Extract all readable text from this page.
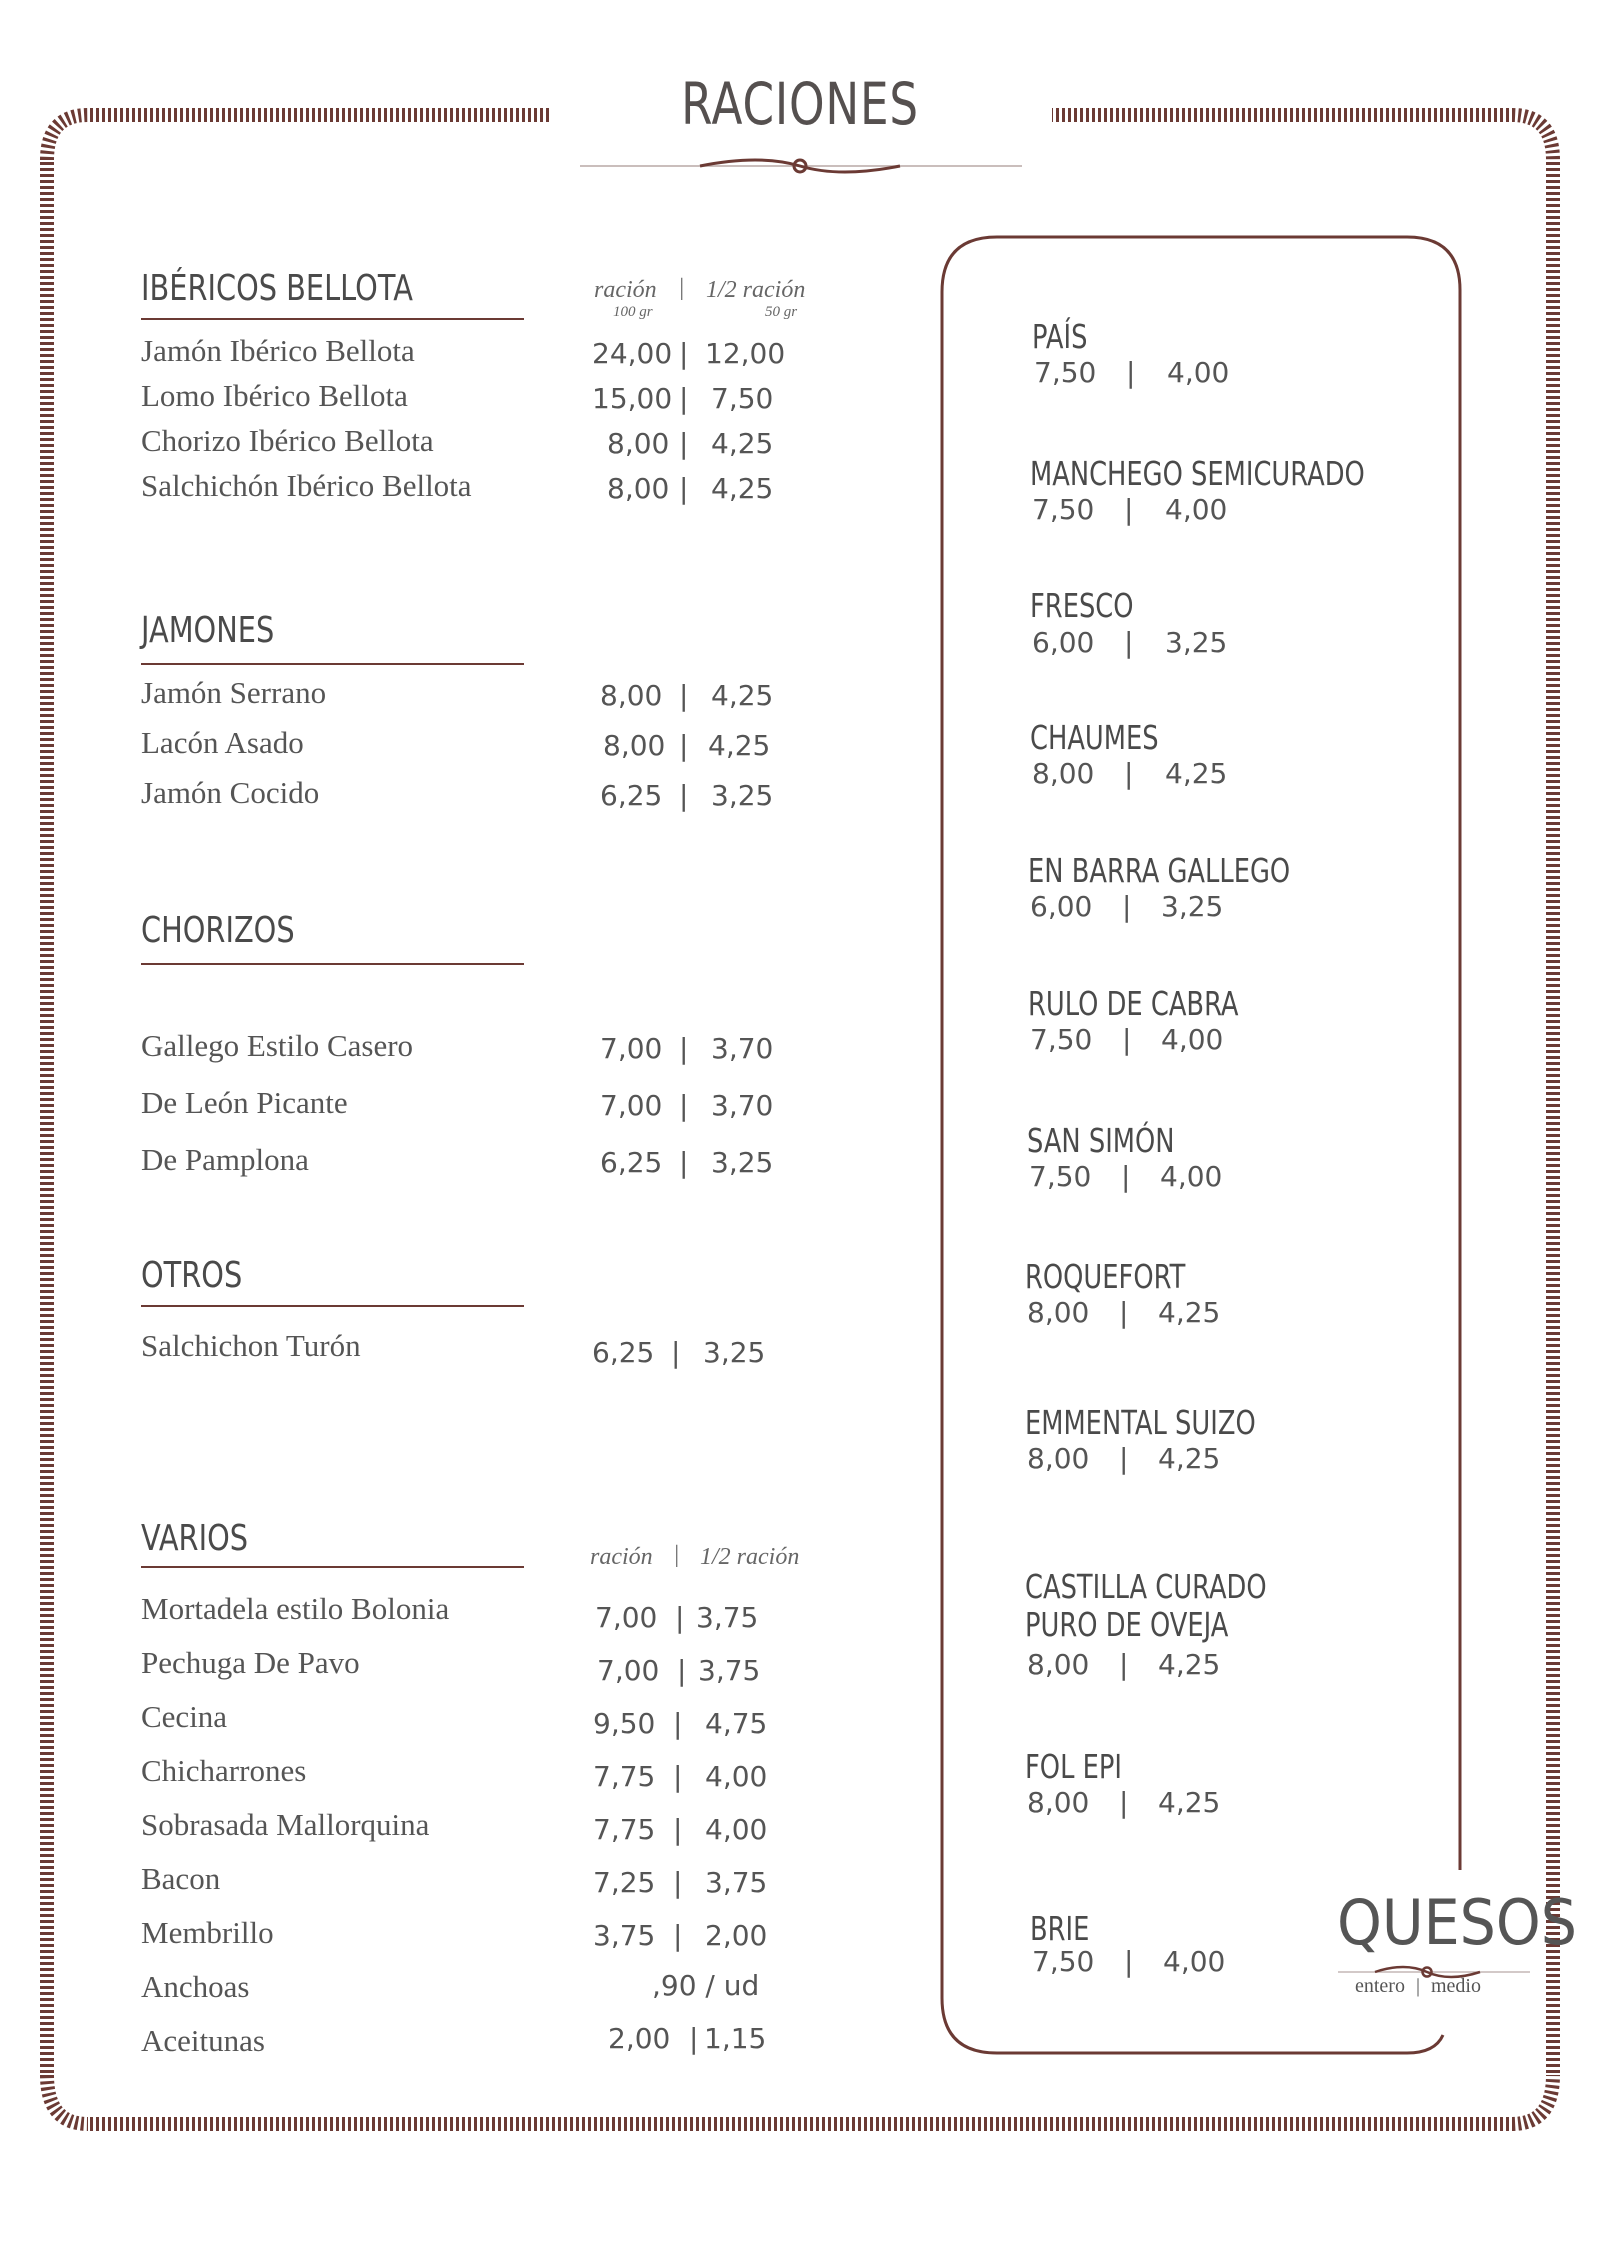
RACIONES
IBÉRICOS BELLOTA	ración | 1/2 ración
100 gr	50 gr
Jamón Ibérico Bellota	24,00 | 12,00
Lomo Ibérico Bellota	15,00 | 7,50
Chorizo Ibérico Bellota	8,00 | 4,25
Salchichón Ibérico Bellota	8,00 | 4,25
JAMONES
Jamón Serrano	8,00 | 4,25
Lacón Asado	8,00 | 4,25
Jamón Cocido	6,25 | 3,25
CHORIZOS
Gallego Estilo Casero	7,00 | 3,70
De León Picante	7,00 | 3,70
De Pamplona	6,25 | 3,25
OTROS
Salchichon Turón	6,25 | 3,25
VARIOS	ración | 1/2 ración
Mortadela estilo Bolonia	7,00 | 3,75
Pechuga De Pavo	7,00 | 3,75
Cecina	9,50 | 4,75
Chicharrones	7,75 | 4,00
Sobrasada Mallorquina	7,75 | 4,00
Bacon	7,25 | 3,75
Membrillo	3,75 | 2,00
Anchoas	,90 / ud
Aceitunas	2,00 | 1,15
PAÍS
7,50 | 4,00
MANCHEGO SEMICURADO
7,50 | 4,00
FRESCO
6,00 | 3,25
CHAUMES
8,00 | 4,25
EN BARRA GALLEGO
6,00 | 3,25
RULO DE CABRA
7,50 | 4,00
SAN SIMÓN
7,50 | 4,00
ROQUEFORT
8,00 | 4,25
EMMENTAL SUIZO
8,00 | 4,25
CASTILLA CURADO
PURO DE OVEJA
8,00 | 4,25
FOL EPI
8,00 | 4,25
BRIE
7,50 | 4,00
QUESOS
entero | medio
